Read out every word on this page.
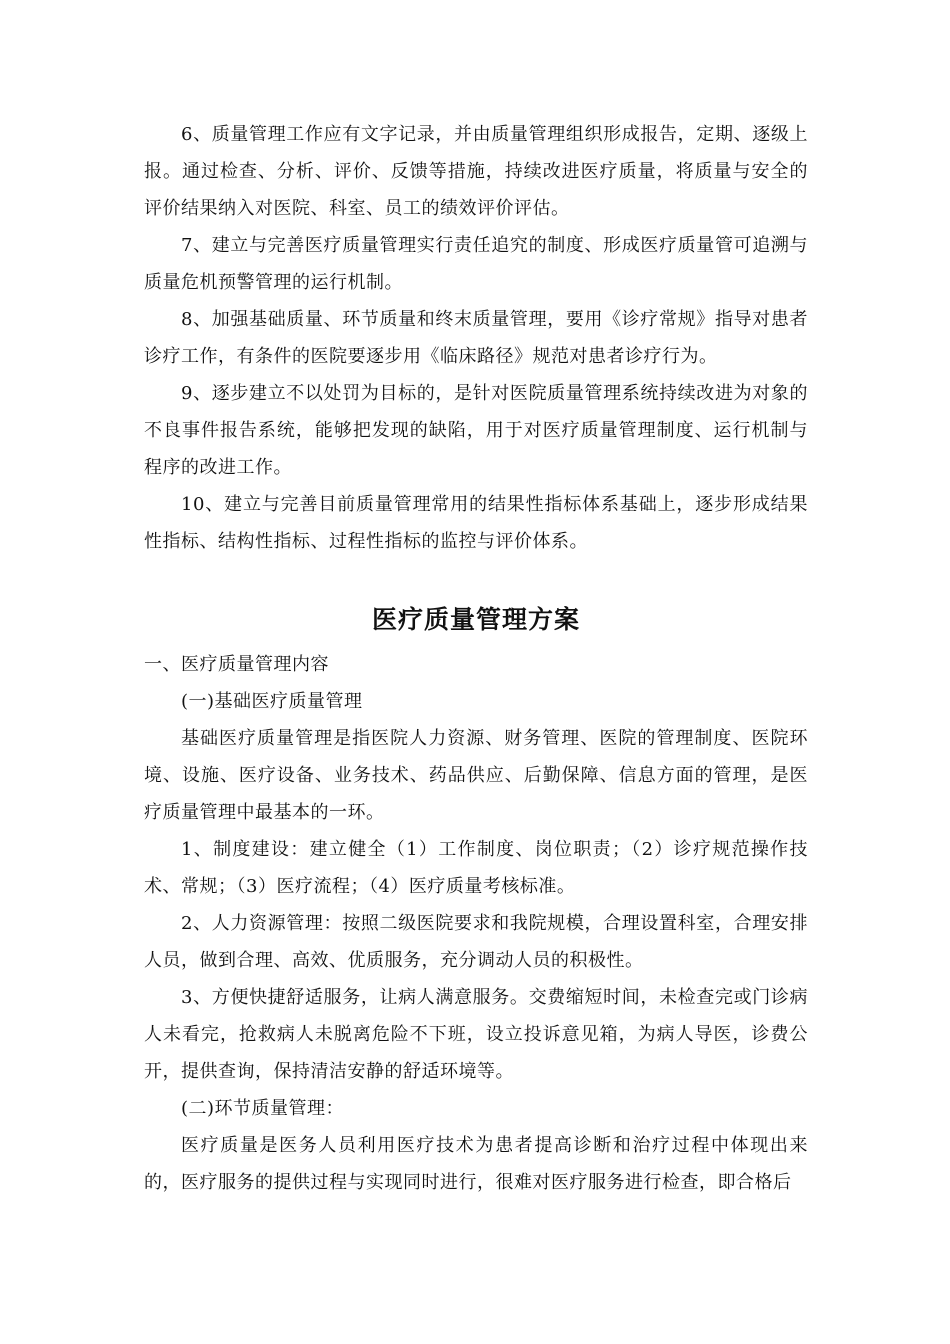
6、质量管理工作应有文字记录，并由质量管理组织形成报告，定期、逐级上报。通过检查、分析、评价、反馈等措施，持续改进医疗质量，将质量与安全的评价结果纳入对医院、科室、员工的绩效评价评估。

7、建立与完善医疗质量管理实行责任追究的制度、形成医疗质量管可追溯与质量危机预警管理的运行机制。

8、加强基础质量、环节质量和终末质量管理，要用《诊疗常规》指导对患者诊疗工作，有条件的医院要逐步用《临床路径》规范对患者诊疗行为。

9、逐步建立不以处罚为目标的，是针对医院质量管理系统持续改进为对象的不良事件报告系统，能够把发现的缺陷，用于对医疗质量管理制度、运行机制与程序的改进工作。

10、建立与完善目前质量管理常用的结果性指标体系基础上，逐步形成结果性指标、结构性指标、过程性指标的监控与评价体系。

医疗质量管理方案

一、医疗质量管理内容

(一)基础医疗质量管理

基础医疗质量管理是指医院人力资源、财务管理、医院的管理制度、医院环境、设施、医疗设备、业务技术、药品供应、后勤保障、信息方面的管理，是医疗质量管理中最基本的一环。

1、制度建设：建立健全（1）工作制度、岗位职责；（2）诊疗规范操作技术、常规；（3）医疗流程；（4）医疗质量考核标准。

2、人力资源管理：按照二级医院要求和我院规模，合理设置科室，合理安排人员，做到合理、高效、优质服务，充分调动人员的积极性。

3、方便快捷舒适服务，让病人满意服务。交费缩短时间，未检查完或门诊病人未看完，抢救病人未脱离危险不下班，设立投诉意见箱，为病人导医，诊费公开，提供查询，保持清洁安静的舒适环境等。

(二)环节质量管理：

医疗质量是医务人员利用医疗技术为患者提高诊断和治疗过程中体现出来的，医疗服务的提供过程与实现同时进行，很难对医疗服务进行检查，即合格后
